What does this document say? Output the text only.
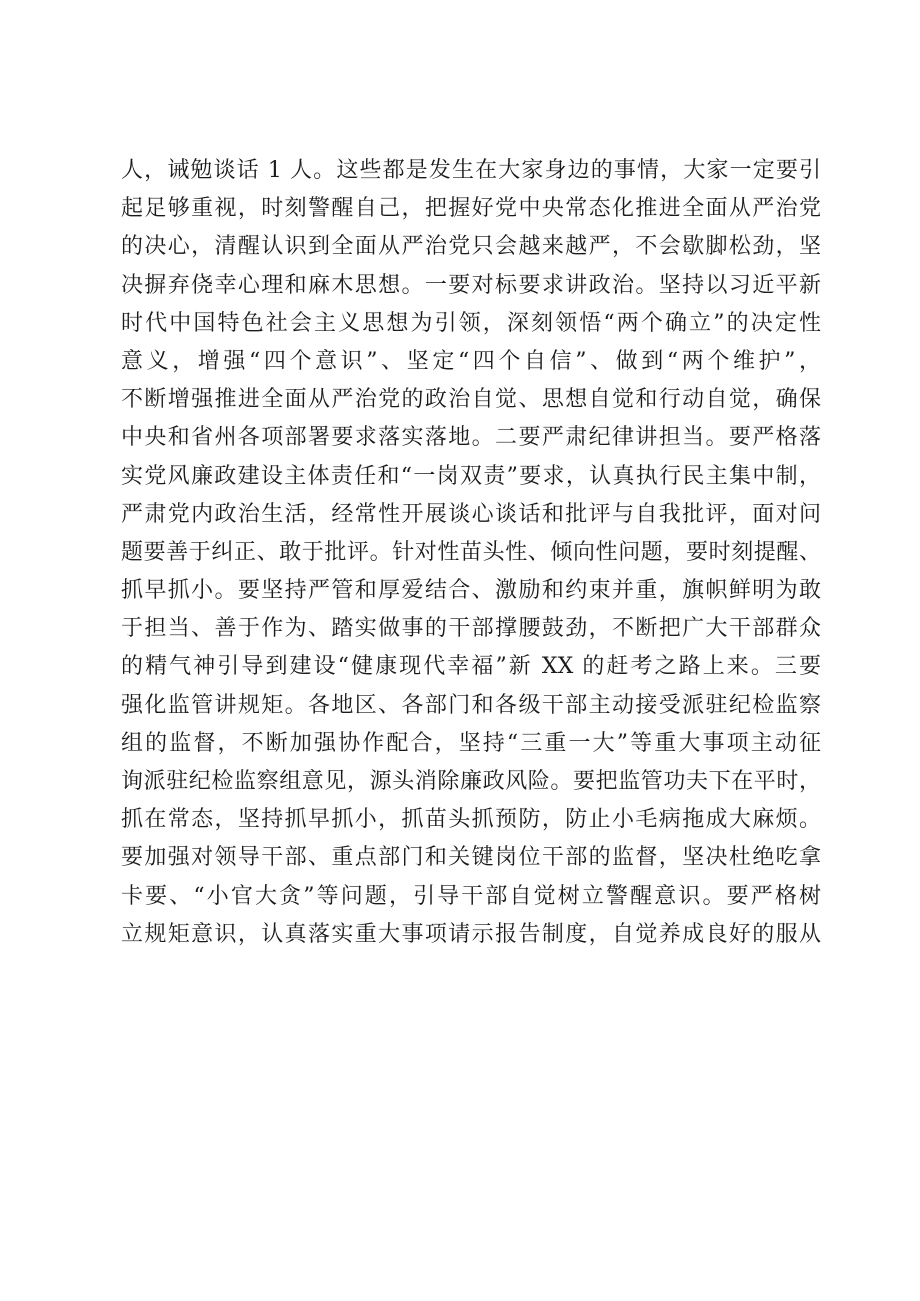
人，诫勉谈话 1 人。这些都是发生在大家身边的事情，大家一定要引
起足够重视，时刻警醒自己，把握好党中央常态化推进全面从严治党
的决心，清醒认识到全面从严治党只会越来越严，不会歇脚松劲，坚
决摒弃侥幸心理和麻木思想。一要对标要求讲政治。坚持以习近平新
时代中国特色社会主义思想为引领，深刻领悟“两个确立”的决定性
意义，增强“四个意识”、坚定“四个自信”、做到“两个维护”，
不断增强推进全面从严治党的政治自觉、思想自觉和行动自觉，确保
中央和省州各项部署要求落实落地。二要严肃纪律讲担当。要严格落
实党风廉政建设主体责任和“一岗双责”要求，认真执行民主集中制，
严肃党内政治生活，经常性开展谈心谈话和批评与自我批评，面对问
题要善于纠正、敢于批评。针对性苗头性、倾向性问题，要时刻提醒、
抓早抓小。要坚持严管和厚爱结合、激励和约束并重，旗帜鲜明为敢
于担当、善于作为、踏实做事的干部撑腰鼓劲，不断把广大干部群众
的精气神引导到建设“健康现代幸福”新 XX 的赶考之路上来。三要
强化监管讲规矩。各地区、各部门和各级干部主动接受派驻纪检监察
组的监督，不断加强协作配合，坚持“三重一大”等重大事项主动征
询派驻纪检监察组意见，源头消除廉政风险。要把监管功夫下在平时，
抓在常态，坚持抓早抓小，抓苗头抓预防，防止小毛病拖成大麻烦。
要加强对领导干部、重点部门和关键岗位干部的监督，坚决杜绝吃拿
卡要、“小官大贪”等问题，引导干部自觉树立警醒意识。要严格树
立规矩意识，认真落实重大事项请示报告制度，自觉养成良好的服从
